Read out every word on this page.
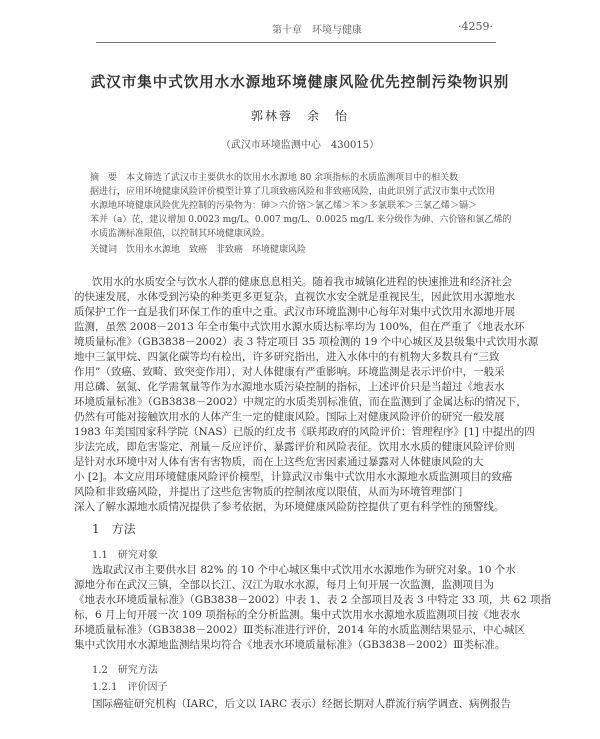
第十章　环境与健康	·4259·
武汉市集中式饮用水水源地环境健康风险优先控制污染物识别
郭林蓉　余　怡
（武汉市环境监测中心　430015）
摘　要　本文筛选了武汉市主要供水的饮用水水源地 80 余项指标的水质监测项目中的相关数
据进行，应用环境健康风险评价模型计算了几项致癌风险和非致癌风险，由此识别了武汉市集中式饮用
水源地环境健康风险优先控制的污染物为：砷＞六价铬＞氯乙烯＞苯＞多氯联苯＞三氯乙烯＞镉＞
苯并（a）芘，建议增加 0.0023 mg/L、0.007 mg/L、0.0025 mg/L 来分级作为砷、六价铬和氯乙烯的
水质监测标准限值，以控制其环境健康风险。
关键词　饮用水水源地　致癌　非致癌　环境健康风险
饮用水的水质安全与饮水人群的健康息息相关。随着我市城镇化进程的快速推进和经济社会
的快速发展，水体受到污染的种类更多更复杂，直视饮水安全就是重视民生，因此饮用水源地水
质保护工作一直是我们环保工作的重中之重。武汉市环境监测中心每年对集中式饮用水源地开展
监测，虽然 2008－2013 年全市集中式饮用水源水质达标率均为 100%，但在严重了《地表水环
境质量标准》（GB3838－2002）表 3 特定项目 35 项检测的 19 个中心城区及县级集中式饮用水源
地中三氯甲烷、四氯化碳等均有检出，许多研究指出，进入水体中的有机物大多数具有“三致
作用”（致癌、致畸、致突变作用），对人体健康有严重影响。环境监测是表示评价中，一般采
用总磷、氨氮、化学需氧量等作为水源地水质污染控制的指标，上述评价只是当超过《地表水
环境质量标准》（GB3838－2002）中规定的水质类别标准值，而在监测到了金属达标的情况下，
仍然有可能对接触饮用水的人体产生一定的健康风险。国际上对健康风险评价的研究一般发展
1983 年美国国家科学院（NAS）已版的红皮书《联邦政府的风险评价：管理程序》[1] 中提出的四
步法完成，即危害鉴定、剂量－反应评价、暴露评价和风险表征。饮用水水质的健康风险评价则
是针对水环境中对人体有害有害物质，而在上这些危害因素通过暴露对人体健康风险的大
小 [2]。本文应用环境健康风险评价模型，计算武汉市集中式饮用水水源地水质监测项目的致癌
风险和非致癌风险，并提出了这些危害物质的控制浓度以限值，从而为环境管理部门
深入了解水源地水质情况提供了参考依据，为环境健康风险防控提供了更有科学性的预警线。
1　方法
1.1　研究对象
选取武汉市主要供水目 82% 的 10 个中心城区集中式饮用水水源地作为研究对象。10 个水
源地分布在武汉三镇，全部以长江、汉江为取水水源，每月上旬开展一次监测，监测项目为
《地表水环境质量标准》（GB3838－2002）中表 1、表 2 全部项目及表 3 中特定 33 项，共 62 项指
标，6 月上旬开展一次 109 项指标的全分析监测。集中式饮用水水源地水质监测项目按《地表水
环境质量标准》（GB3838－2002）Ⅲ类标准进行评价，2014 年的水质监测结果显示，中心城区
集中式饮用水水源地监测结果均符合《地表水环境质量标准》（GB3838－2002）Ⅲ类标准。
1.2　研究方法
1.2.1　评价因子
国际癌症研究机构（IARC，后文以 IARC 表示）经据长期对人群流行病学调查、病例报告
